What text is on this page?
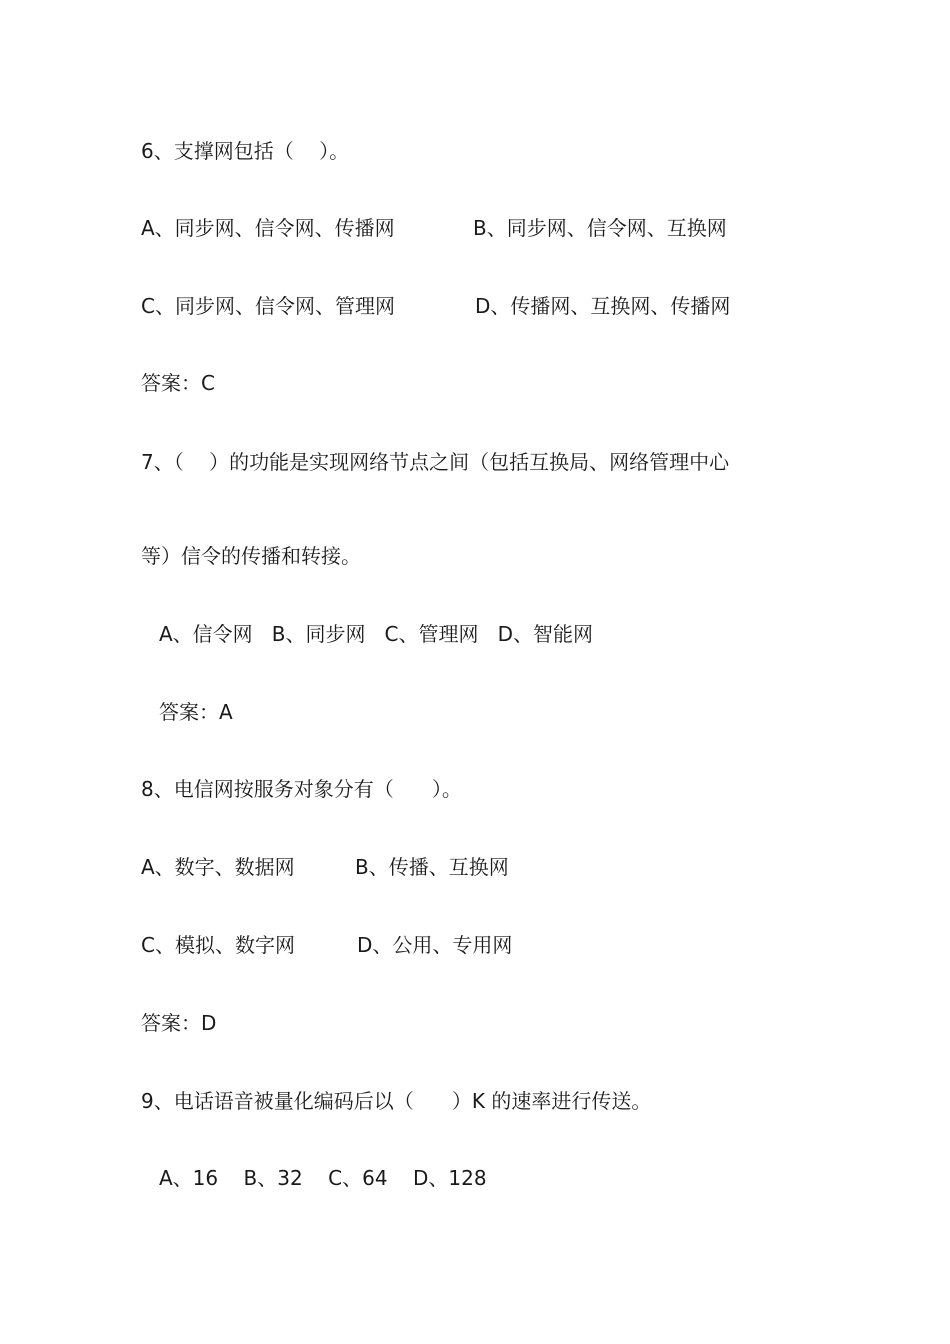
6、支撑网包括（    ）。

A、同步网、信令网、传播网	B、同步网、信令网、互换网

C、同步网、信令网、管理网	D、传播网、互换网、传播网

答案：C

7、（    ）的功能是实现网络节点之间（包括互换局、网络管理中心

等）信令的传播和转接。

A、信令网   B、同步网   C、管理网   D、智能网

答案：A

8、电信网按服务对象分有（      ）。

A、数字、数据网	B、传播、互换网

C、模拟、数字网	D、公用、专用网

答案：D

9、电话语音被量化编码后以（      ）K 的速率进行传送。

A、16    B、32    C、64    D、128
